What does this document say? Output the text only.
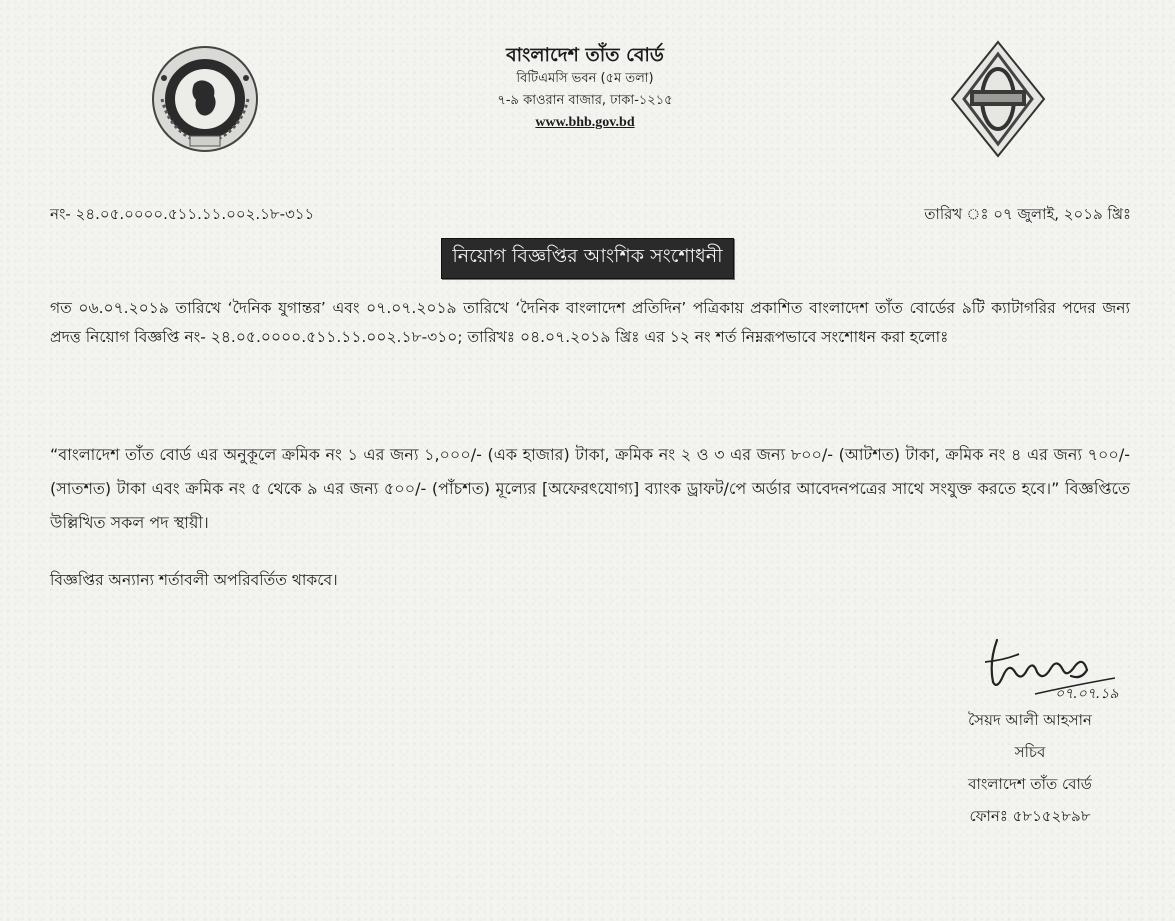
বাংলাদেশ তাঁত বোর্ড
বিটিএমসি ভবন (৫ম তলা)
৭-৯ কাওরান বাজার, ঢাকা-১২১৫
www.bhb.gov.bd
নং- ২৪.০৫.০০০০.৫১১.১১.০০২.১৮-৩১১	তারিখ ঃ ০৭ জুলাই, ২০১৯ খ্রিঃ
নিয়োগ বিজ্ঞপ্তির আংশিক সংশোধনী
গত ০৬.০৭.২০১৯ তারিখে ‘দৈনিক যুগান্তর’ এবং ০৭.০৭.২০১৯ তারিখে ‘দৈনিক বাংলাদেশ প্রতিদিন’ পত্রিকায় প্রকাশিত বাংলাদেশ তাঁত বোর্ডের ৯টি ক্যাটাগরির পদের জন্য প্রদত্ত নিয়োগ বিজ্ঞপ্তি নং- ২৪.০৫.০০০০.৫১১.১১.০০২.১৮-৩১০; তারিখঃ ০৪.০৭.২০১৯ খ্রিঃ এর ১২ নং শর্ত নিম্নরূপভাবে সংশোধন করা হলোঃ
“বাংলাদেশ তাঁত বোর্ড এর অনুকূলে ক্রমিক নং ১ এর জন্য ১,০০০/- (এক হাজার) টাকা, ক্রমিক নং ২ ও ৩ এর জন্য ৮০০/- (আটশত) টাকা, ক্রমিক নং ৪ এর জন্য ৭০০/- (সাতশত) টাকা এবং ক্রমিক নং ৫ থেকে ৯ এর জন্য ৫০০/- (পাঁচশত) মূল্যের [অফেরৎযোগ্য] ব্যাংক ড্রাফট/পে অর্ডার আবেদনপত্রের সাথে সংযুক্ত করতে হবে।” বিজ্ঞপ্তিতে উল্লিখিত সকল পদ স্থায়ী।
বিজ্ঞপ্তির অন্যান্য শর্তাবলী অপরিবর্তিত থাকবে।
০৭.০৭.১৯
সৈয়দ আলী আহসান
সচিব
বাংলাদেশ তাঁত বোর্ড
ফোনঃ ৫৮১৫২৮৯৮
